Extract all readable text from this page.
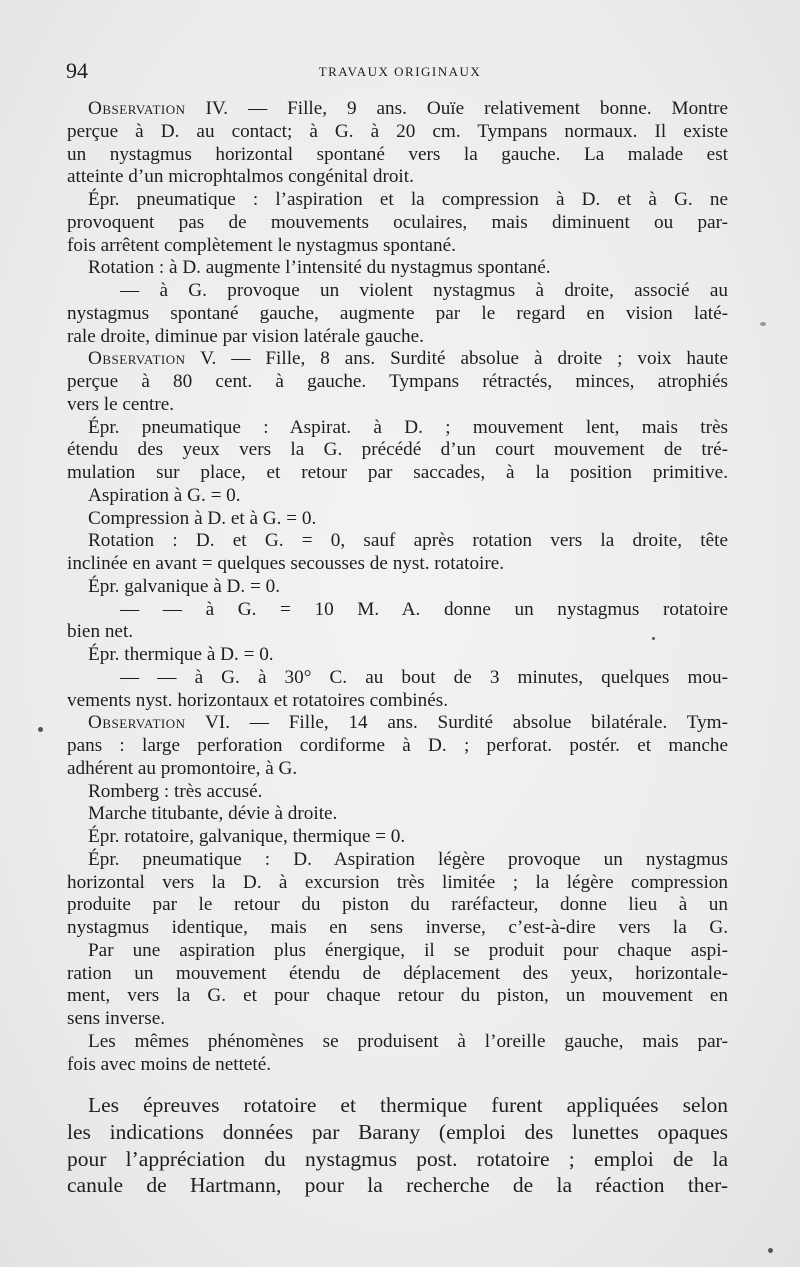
94	TRAVAUX ORIGINAUX
Observation IV. — Fille, 9 ans. Ouïe relativement bonne. Montre
perçue à D. au contact; à G. à 20 cm. Tympans normaux. Il existe
un nystagmus horizontal spontané vers la gauche. La malade est
atteinte d’un microphtalmos congénital droit.
Épr. pneumatique : l’aspiration et la compression à D. et à G. ne
provoquent pas de mouvements oculaires, mais diminuent ou par-
fois arrêtent complètement le nystagmus spontané.
Rotation : à D. augmente l’intensité du nystagmus spontané.
— à G. provoque un violent nystagmus à droite, associé au
nystagmus spontané gauche, augmente par le regard en vision laté-
rale droite, diminue par vision latérale gauche.
Observation V. — Fille, 8 ans. Surdité absolue à droite ; voix haute
perçue à 80 cent. à gauche. Tympans rétractés, minces, atrophiés
vers le centre.
Épr. pneumatique : Aspirat. à D. ; mouvement lent, mais très
étendu des yeux vers la G. précédé d’un court mouvement de tré-
mulation sur place, et retour par saccades, à la position primitive.
Aspiration à G. = 0.
Compression à D. et à G. = 0.
Rotation : D. et G. = 0, sauf après rotation vers la droite, tête
inclinée en avant = quelques secousses de nyst. rotatoire.
Épr. galvanique à D. = 0.
— — à G. = 10 M. A. donne un nystagmus rotatoire
bien net.
Épr. thermique à D. = 0.
— — à G. à 30° C. au bout de 3 minutes, quelques mou-
vements nyst. horizontaux et rotatoires combinés.
Observation VI. — Fille, 14 ans. Surdité absolue bilatérale. Tym-
pans : large perforation cordiforme à D. ; perforat. postér. et manche
adhérent au promontoire, à G.
Romberg : très accusé.
Marche titubante, dévie à droite.
Épr. rotatoire, galvanique, thermique = 0.
Épr. pneumatique : D. Aspiration légère provoque un nystagmus
horizontal vers la D. à excursion très limitée ; la légère compression
produite par le retour du piston du raréfacteur, donne lieu à un
nystagmus identique, mais en sens inverse, c’est-à-dire vers la G.
Par une aspiration plus énergique, il se produit pour chaque aspi-
ration un mouvement étendu de déplacement des yeux, horizontale-
ment, vers la G. et pour chaque retour du piston, un mouvement en
sens inverse.
Les mêmes phénomènes se produisent à l’oreille gauche, mais par-
fois avec moins de netteté.
Les épreuves rotatoire et thermique furent appliquées selon
les indications données par Barany (emploi des lunettes opaques
pour l’appréciation du nystagmus post. rotatoire ; emploi de la
canule de Hartmann, pour la recherche de la réaction ther-
